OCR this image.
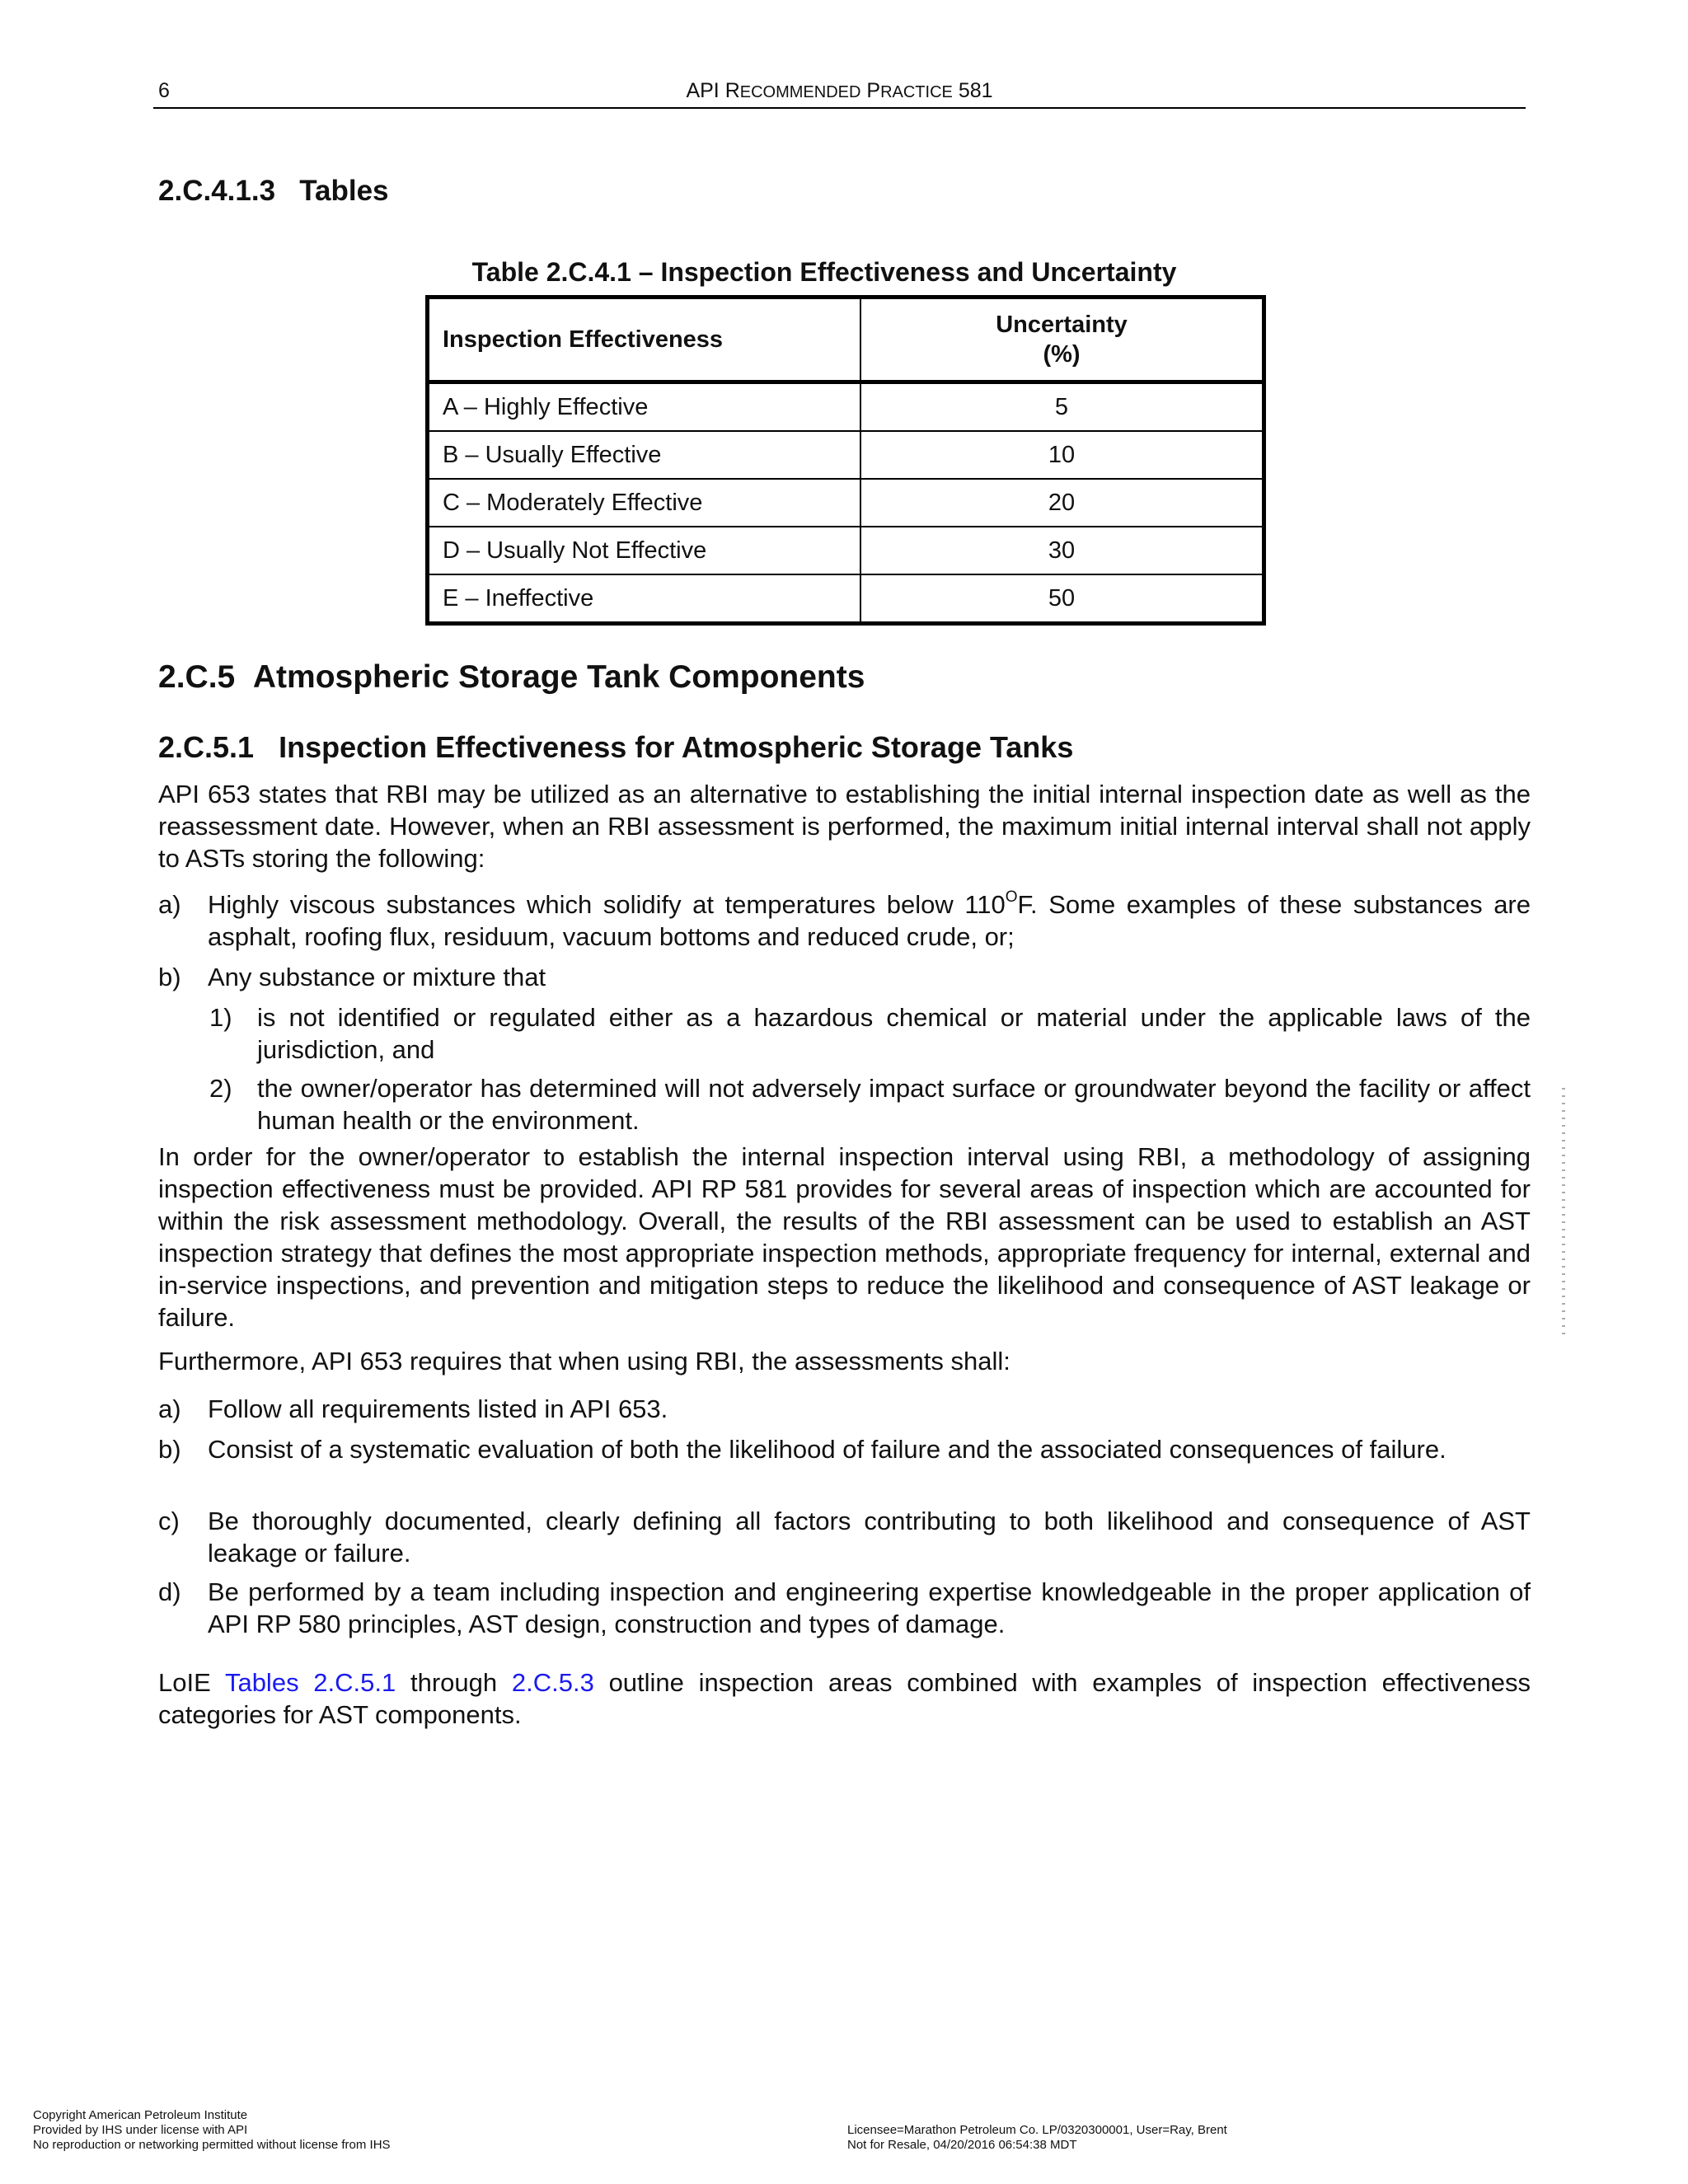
6	API RECOMMENDED PRACTICE 581
2.C.4.1.3 Tables

Table 2.C.4.1 – Inspection Effectiveness and Uncertainty

Inspection Effectiveness	Uncertainty
(%)
A – Highly Effective	5
B – Usually Effective	10
C – Moderately Effective	20
D – Usually Not Effective	30
E – Ineffective	50
2.C.5 Atmospheric Storage Tank Components
2.C.5.1 Inspection Effectiveness for Atmospheric Storage Tanks

API 653 states that RBI may be utilized as an alternative to establishing the initial internal inspection date as well as the reassessment date. However, when an RBI assessment is performed, the maximum initial internal interval shall not apply to ASTs storing the following:

a) Highly viscous substances which solidify at temperatures below $110^OF$. Some examples of these substances are asphalt, roofing flux, residuum, vacuum bottoms and reduced crude, or;
b) Any substance or mixture that
1) is not identified or regulated either as a hazardous chemical or material under the applicable laws of the jurisdiction, and
2) the owner/operator has determined will not adversely impact surface or groundwater beyond the facility or affect human health or the environment.

In order for the owner/operator to establish the internal inspection interval using RBI, a methodology of assigning inspection effectiveness must be provided. API RP 581 provides for several areas of inspection which are accounted for within the risk assessment methodology. Overall, the results of the RBI assessment can be used to establish an AST inspection strategy that defines the most appropriate inspection methods, appropriate frequency for internal, external and in-service inspections, and prevention and mitigation steps to reduce the likelihood and consequence of AST leakage or failure.

Furthermore, API 653 requires that when using RBI, the assessments shall:

a) Follow all requirements listed in API 653.
b) Consist of a systematic evaluation of both the likelihood of failure and the associated consequences of failure.
c) Be thoroughly documented, clearly defining all factors contributing to both likelihood and consequence of AST leakage or failure.
d) Be performed by a team including inspection and engineering expertise knowledgeable in the proper application of API RP 580 principles, AST design, construction and types of damage.

LoIE Tables 2.C.5.1 through 2.C.5.3 outline inspection areas combined with examples of inspection effectiveness categories for AST components.

Copyright American Petroleum Institute
Provided by IHS under license with API
No reproduction or networking permitted without license from IHS
Licensee=Marathon Petroleum Co. LP/0320300001, User=Ray, Brent
Not for Resale, 04/20/2016 06:54:38 MDT
